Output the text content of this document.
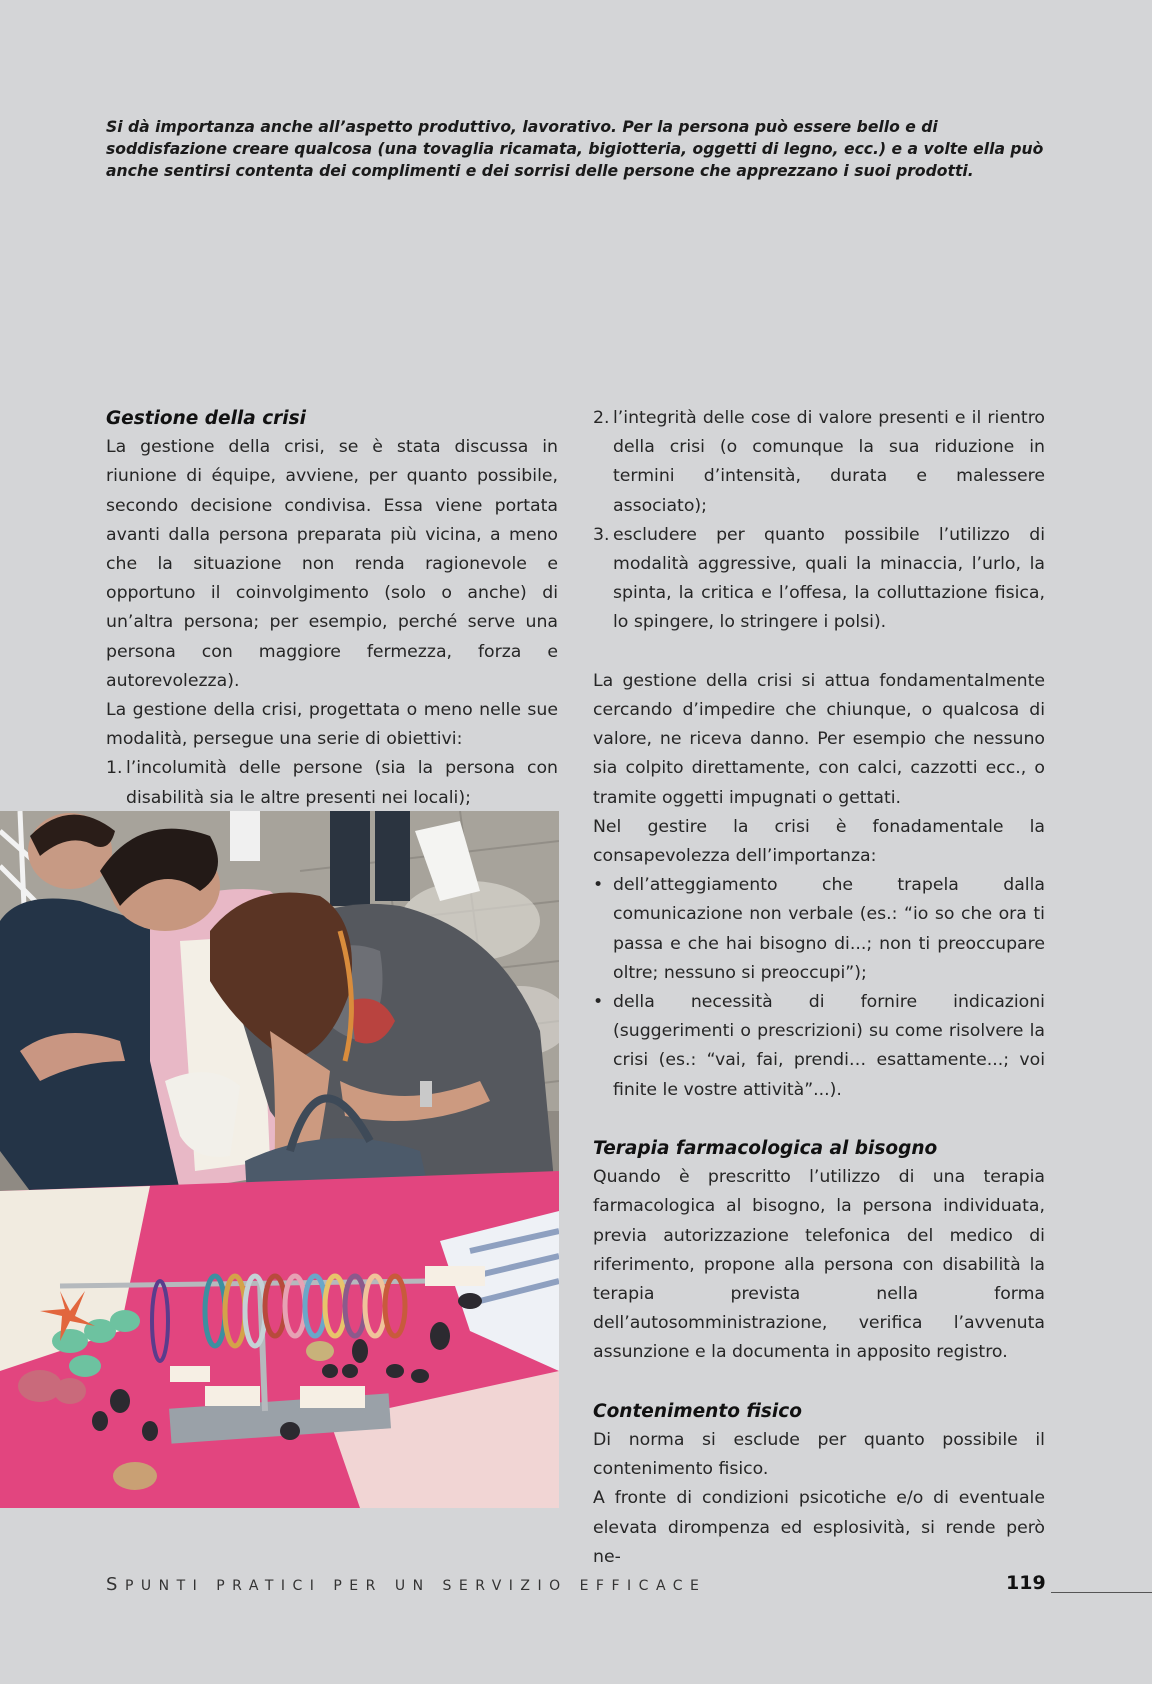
Si dà importanza anche all’aspetto produttivo, lavorativo. Per la persona può essere bello e di soddisfazione creare qualcosa (una tovaglia ricamata, bigiotteria, oggetti di legno, ecc.) e a volte ella può anche sentirsi contenta dei complimenti e dei sorrisi delle persone che apprezzano i suoi prodotti.

Gestione della crisi

La gestione della crisi, se è stata discussa in riunione di équipe, avviene, per quanto possibile, secondo decisione condivisa. Essa viene portata avanti dalla persona preparata più vicina, a meno che la situazione non renda ragionevole e opportuno il coinvolgimento (solo o anche) di un’altra persona; per esempio, perché serve una persona con maggiore fermezza, forza e autorevolezza).

La gestione della crisi, progettata o meno nelle sue modalità, persegue una serie di obiettivi:

1. l’incolumità delle persone (sia la persona con disabilità sia le altre presenti nei locali);
2. l’integrità delle cose di valore presenti e il rientro della crisi (o comunque la sua riduzione in termini d’intensità, durata e malessere associato);
3. escludere per quanto possibile l’utilizzo di modalità aggressive, quali la minaccia, l’urlo, la spinta, la critica e l’offesa, la colluttazione fisica, lo spingere, lo stringere i polsi).

La gestione della crisi si attua fondamentalmente cercando d’impedire che chiunque, o qualcosa di valore, ne riceva danno. Per esempio che nessuno sia colpito direttamente, con calci, cazzotti ecc., o tramite oggetti impugnati o gettati.

Nel gestire la crisi è fonadamentale la consapevolezza dell’importanza:

• dell’atteggiamento che trapela dalla comunicazione non verbale (es.: “io so che ora ti passa e che hai bisogno di...; non ti preoccupare oltre; nessuno si preoccupi”);
• della necessità di fornire indicazioni (suggerimenti o prescrizioni) su come risolvere la crisi (es.: “vai, fai, prendi… esattamente...; voi finite le vostre attività”...).
Terapia farmacologica al bisogno

Quando è prescritto l’utilizzo di una terapia farmacologica al bisogno, la persona individuata, previa autorizzazione telefonica del medico di riferimento, propone alla persona con disabilità la terapia prevista nella forma dell’autosomministrazione, verifica l’avvenuta assunzione e la documenta in apposito registro.

Contenimento fisico

Di norma si esclude per quanto possibile il contenimento fisico.

A fronte di condizioni psicotiche e/o di eventuale elevata dirompenza ed esplosività, si rende però ne-

SPUNTI PRATICI PER UN SERVIZIO EFFICACE	119
